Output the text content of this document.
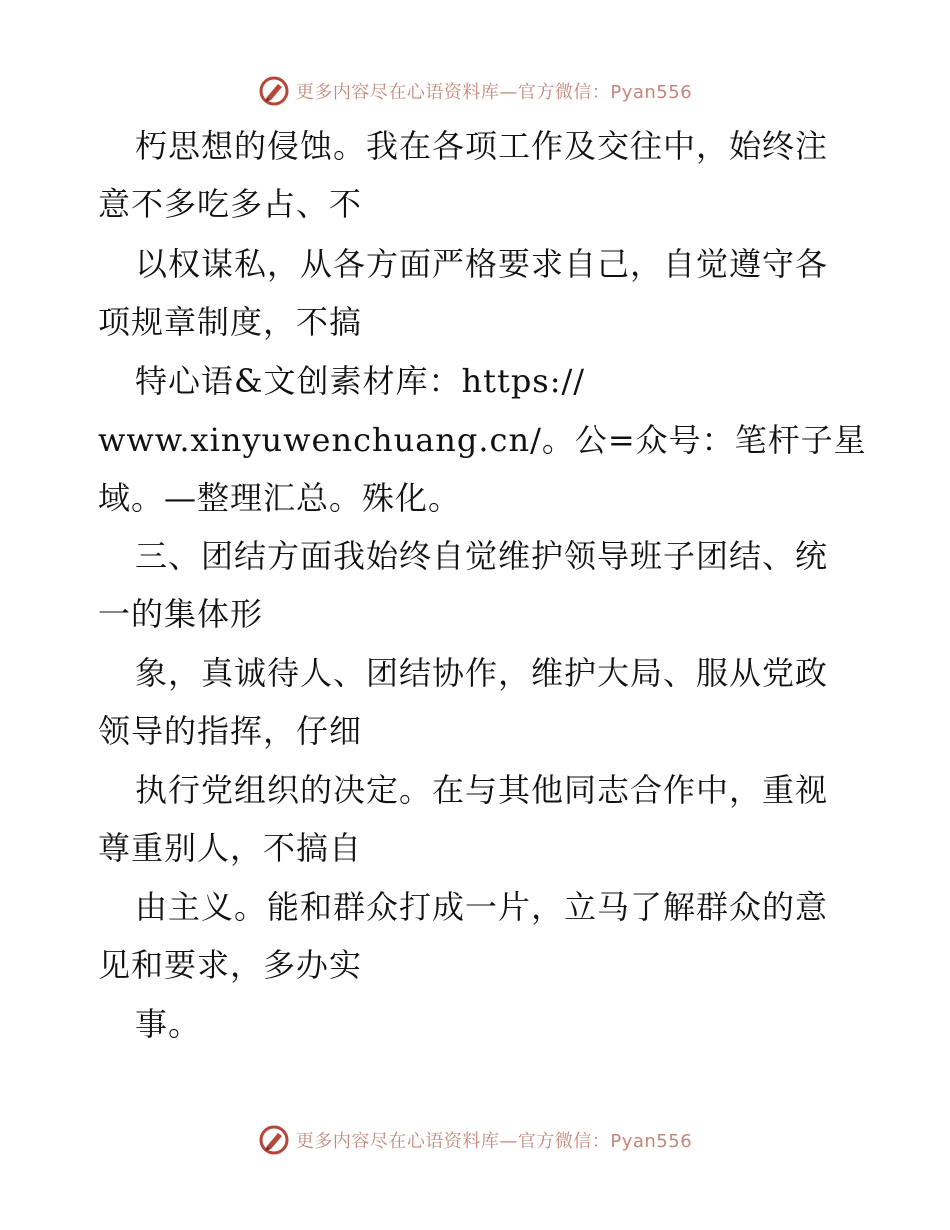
更多内容尽在心语资料库—官方微信：Pyan556
朽思想的侵蚀。我在各项工作及交往中，始终注
意不多吃多占、不
以权谋私，从各方面严格要求自己，自觉遵守各
项规章制度，不搞
特心语&文创素材库：https://
www.xinyuwenchuang.cn/。公=众号：笔杆子星
域。—整理汇总。殊化。
三、团结方面我始终自觉维护领导班子团结、统
一的集体形
象，真诚待人、团结协作，维护大局、服从党政
领导的指挥，仔细
执行党组织的决定。在与其他同志合作中，重视
尊重别人，不搞自
由主义。能和群众打成一片，立马了解群众的意
见和要求，多办实
事。
更多内容尽在心语资料库—官方微信：Pyan556
